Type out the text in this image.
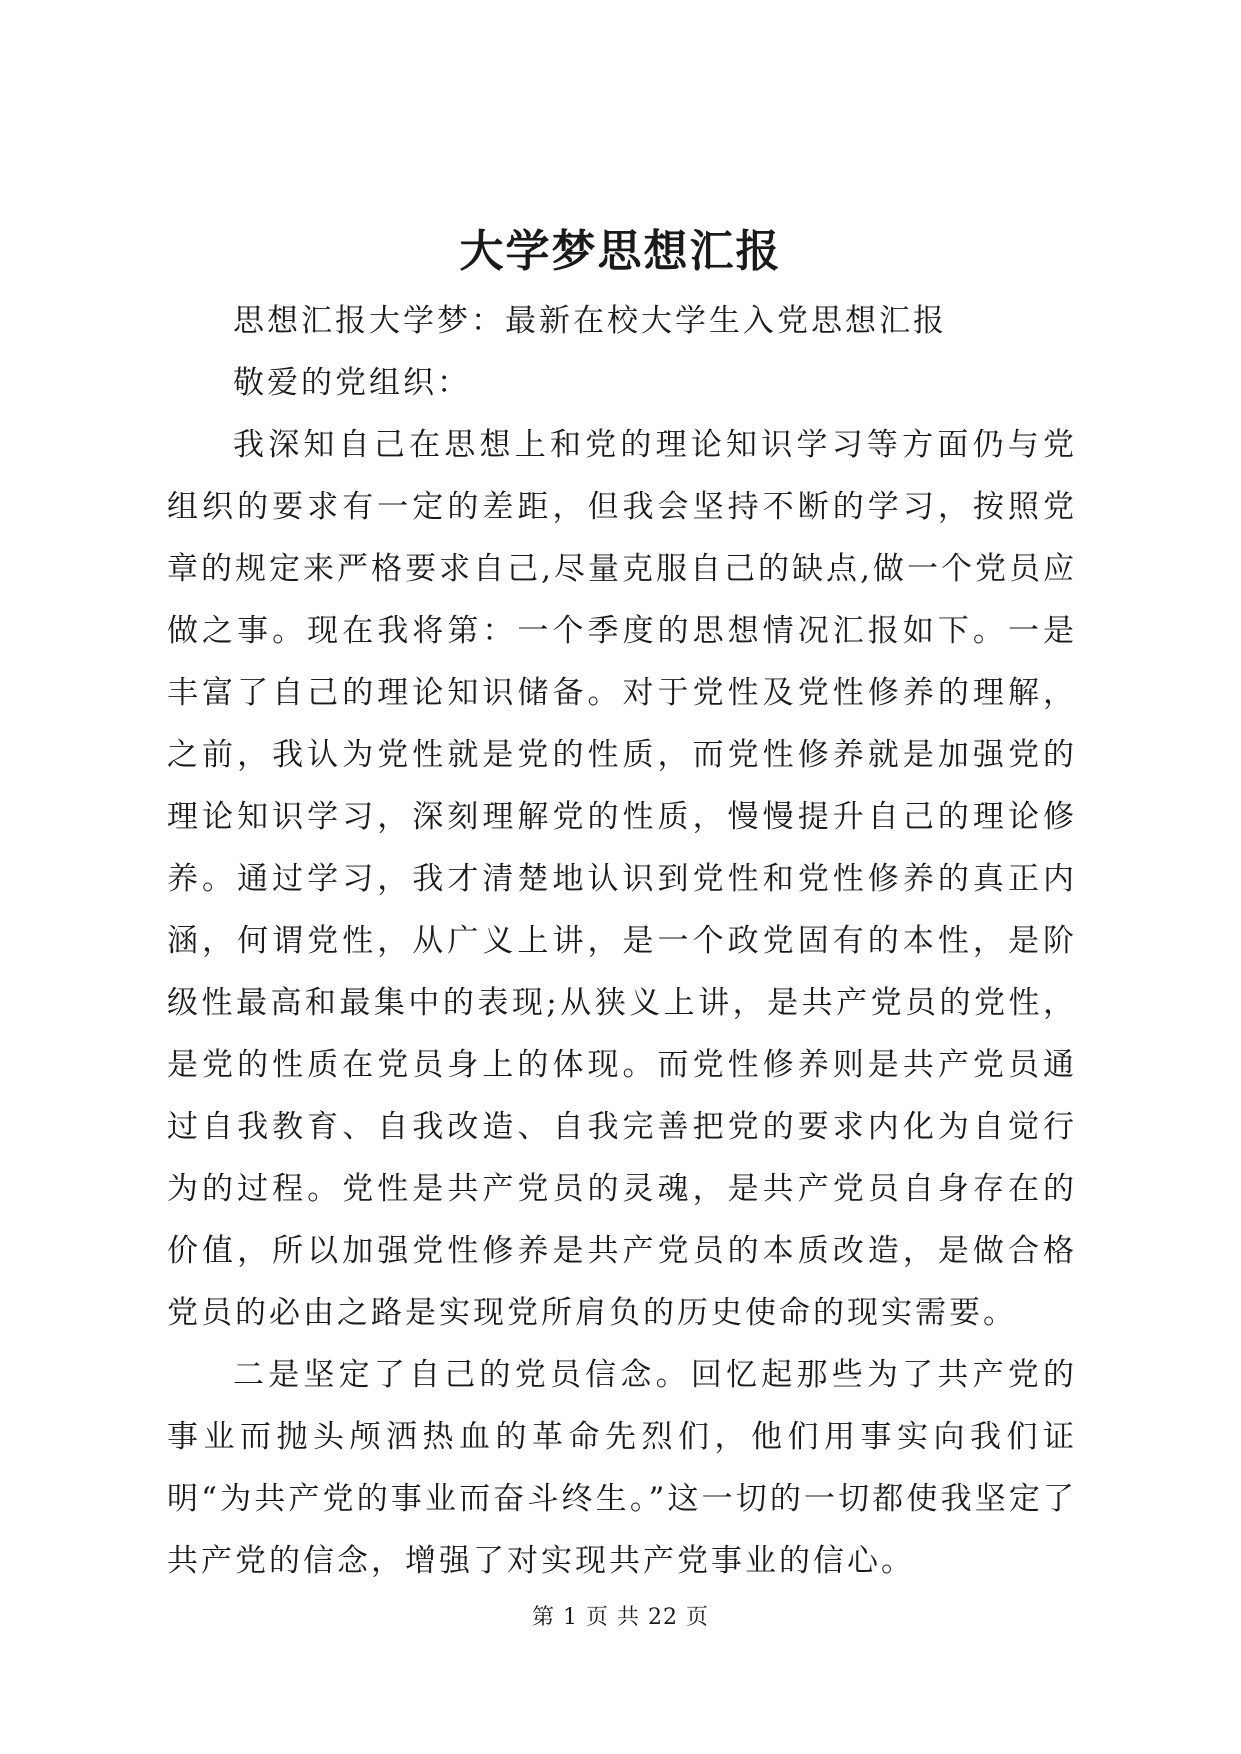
大学梦思想汇报

思想汇报大学梦：最新在校大学生入党思想汇报

敬爱的党组织：

我深知自己在思想上和党的理论知识学习等方面仍与党组织的要求有一定的差距，但我会坚持不断的学习，按照党章的规定来严格要求自己,尽量克服自己的缺点,做一个党员应做之事。现在我将第：一个季度的思想情况汇报如下。一是丰富了自己的理论知识储备。对于党性及党性修养的理解，之前，我认为党性就是党的性质，而党性修养就是加强党的理论知识学习，深刻理解党的性质，慢慢提升自己的理论修养。通过学习，我才清楚地认识到党性和党性修养的真正内涵，何谓党性，从广义上讲，是一个政党固有的本性，是阶级性最高和最集中的表现;从狭义上讲，是共产党员的党性，是党的性质在党员身上的体现。而党性修养则是共产党员通过自我教育、自我改造、自我完善把党的要求内化为自觉行为的过程。党性是共产党员的灵魂，是共产党员自身存在的价值，所以加强党性修养是共产党员的本质改造，是做合格党员的必由之路是实现党所肩负的历史使命的现实需要。

二是坚定了自己的党员信念。回忆起那些为了共产党的事业而抛头颅洒热血的革命先烈们，他们用事实向我们证明“为共产党的事业而奋斗终生。”这一切的一切都使我坚定了共产党的信念，增强了对实现共产党事业的信心。

第 1 页 共 22 页
